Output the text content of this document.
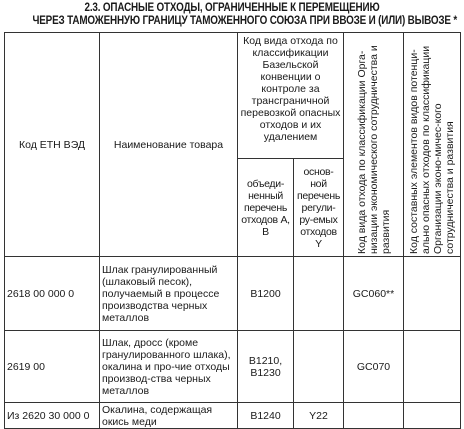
2.3. ОПАСНЫЕ ОТХОДЫ, ОГРАНИЧЕННЫЕ К ПЕРЕМЕЩЕНИЮ
ЧЕРЕЗ ТАМОЖЕННУЮ ГРАНИЦУ ТАМОЖЕННОГО СОЮЗА ПРИ ВВОЗЕ И (ИЛИ) ВЫВОЗЕ *
Код ЕТН ВЭД	Наименование товара	Код вида отхода по классификации Базельской конвенции о контроле за трансграничной перевозкой опасных отходов и их удалением		Код вида отхода по классификации Орга-низации экономического сотрудничества и развития	Код составных элементов видов потенци-ально опасных отходов по классификации Организации эконо-мичес-кого сотрудничества и развития

		объеди-ненный перечень отходов А, В	основ-ной перечень регули-ру-емых отходов Y		
2618 00 000 0	Шлак гранулированный (шлаковый песок), получаемый в процессе производства черных металлов	B1200		GC060**	
2619 00	Шлак, дросс (кроме гранулированного шлака), окалина и про-чие отходы производ-ства черных металлов	B1210, B1230		GC070	
Из 2620 30 000 0	Окалина, содержащая окись меди	B1240	Y22		
